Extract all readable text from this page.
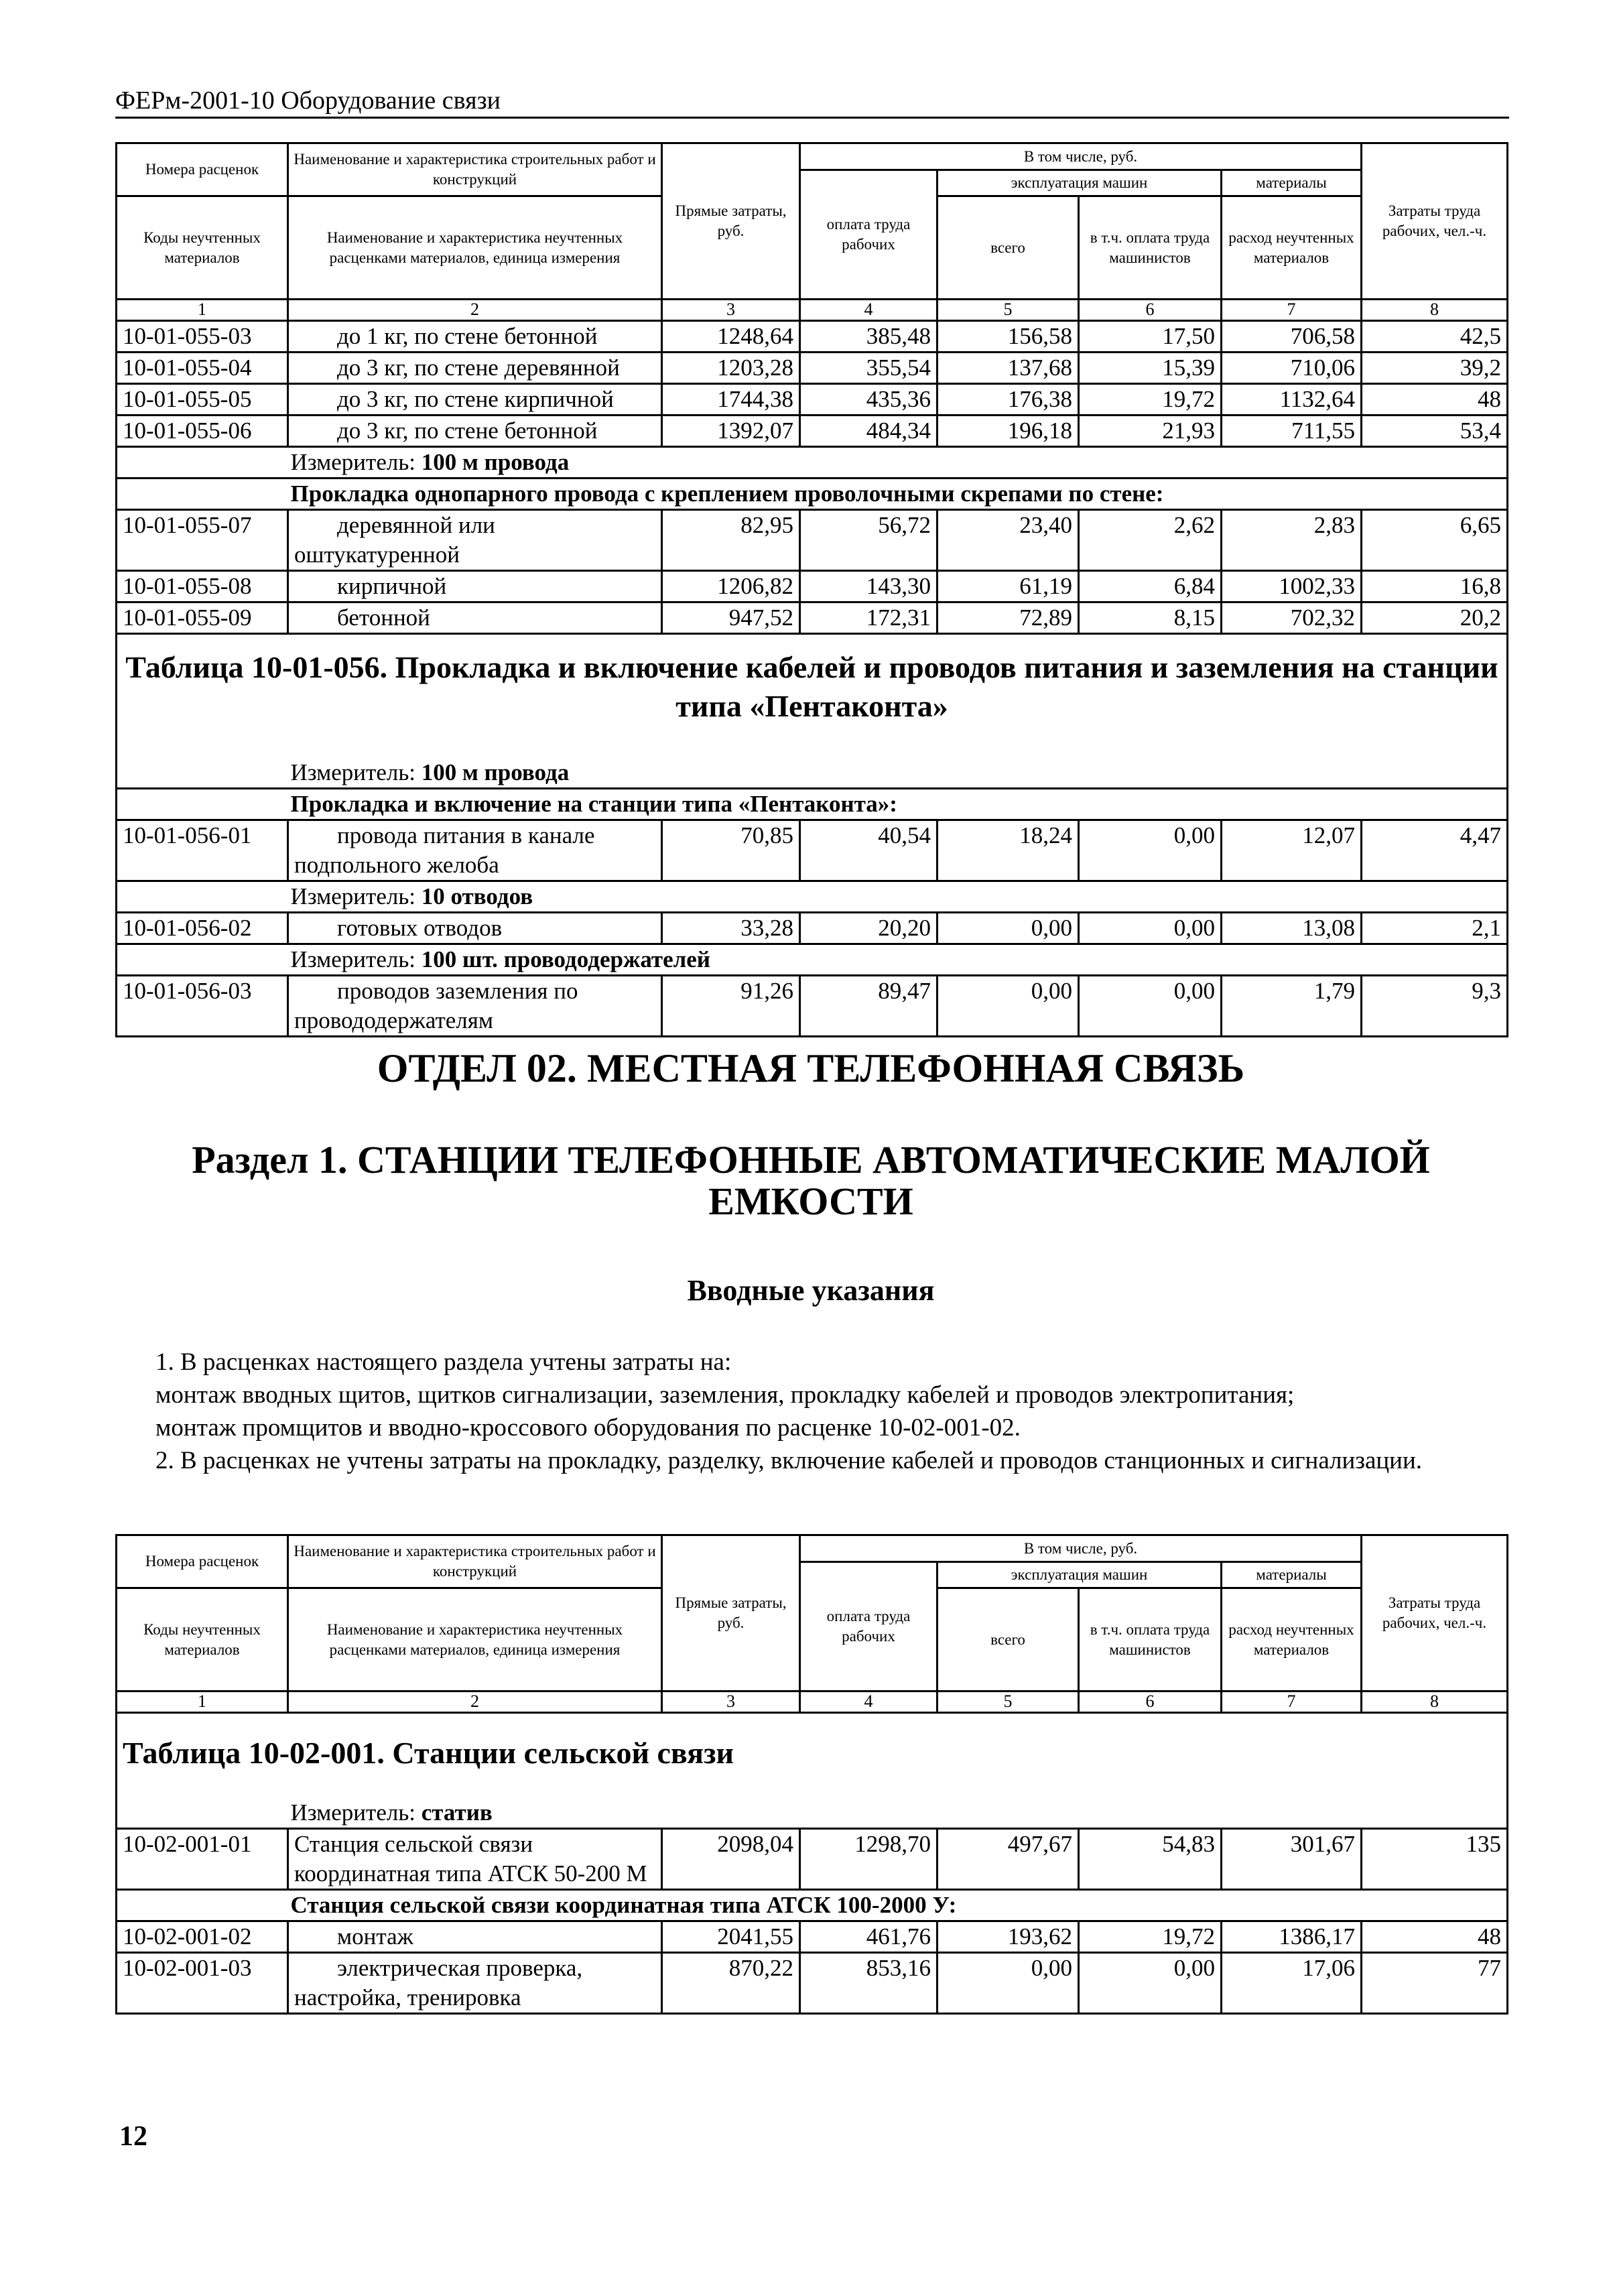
ФЕРм-2001-10 Оборудование связи
Номера расценок	Наименование и характеристика строительных работ и конструкций	Прямые затраты, руб.	В том числе, руб.				Затраты труда рабочих, чел.-ч.
			оплата труда рабочих	эксплуатация машин		материалы	
Коды неучтенных материалов	Наименование и характеристика неучтенных расценками материалов, единица измерения			всего	в т.ч. оплата труда машинистов	расход неучтенных материалов	
1	2	3	4	5	6	7	8
10-01-055-03	до 1 кг, по стене бетонной	1248,64	385,48	156,58	17,50	706,58	42,5
10-01-055-04	до 3 кг, по стене деревянной	1203,28	355,54	137,68	15,39	710,06	39,2
10-01-055-05	до 3 кг, по стене кирпичной	1744,38	435,36	176,38	19,72	1132,64	48
10-01-055-06	до 3 кг, по стене бетонной	1392,07	484,34	196,18	21,93	711,55	53,4
	Измеритель: 100 м провода						
	Прокладка однопарного провода с креплением проволочными скрепами по стене:						
10-01-055-07	деревянной или оштукатуренной	82,95	56,72	23,40	2,62	2,83	6,65
10-01-055-08	кирпичной	1206,82	143,30	61,19	6,84	1002,33	16,8
10-01-055-09	бетонной	947,52	172,31	72,89	8,15	702,32	20,2
Таблица 10-01-056. Прокладка и включение кабелей и проводов питания и заземления на станции типа «Пентаконта»							
	Измеритель: 100 м провода						
	Прокладка и включение на станции типа «Пентаконта»:						
10-01-056-01	провода питания в канале подпольного желоба	70,85	40,54	18,24	0,00	12,07	4,47
	Измеритель: 10 отводов						
10-01-056-02	готовых отводов	33,28	20,20	0,00	0,00	13,08	2,1
	Измеритель: 100 шт. провододержателей						
10-01-056-03	проводов заземления по провододержателям	91,26	89,47	0,00	0,00	1,79	9,3
ОТДЕЛ 02. МЕСТНАЯ ТЕЛЕФОННАЯ СВЯЗЬ
Раздел 1. СТАНЦИИ ТЕЛЕФОННЫЕ АВТОМАТИЧЕСКИЕ МАЛОЙ ЕМКОСТИ
Вводные указания

1. В расценках настоящего раздела учтены затраты на:

монтаж вводных щитов, щитков сигнализации, заземления, прокладку кабелей и проводов электропитания;

монтаж промщитов и вводно-кроссового оборудования по расценке 10-02-001-02.

2. В расценках не учтены затраты на прокладку, разделку, включение кабелей и проводов станционных и сигнализации.

Номера расценок	Наименование и характеристика строительных работ и конструкций	Прямые затраты, руб.	В том числе, руб.				Затраты труда рабочих, чел.-ч.
			оплата труда рабочих	эксплуатация машин		материалы	
Коды неучтенных материалов	Наименование и характеристика неучтенных расценками материалов, единица измерения			всего	в т.ч. оплата труда машинистов	расход неучтенных материалов	
1	2	3	4	5	6	7	8
Таблица 10-02-001. Станции сельской связи							
	Измеритель: статив						
10-02-001-01	Станция сельской связи координатная типа АТСК 50-200 М	2098,04	1298,70	497,67	54,83	301,67	135
	Станция сельской связи координатная типа АТСК 100-2000 У:						
10-02-001-02	монтаж	2041,55	461,76	193,62	19,72	1386,17	48
10-02-001-03	электрическая проверка, настройка, тренировка	870,22	853,16	0,00	0,00	17,06	77
12
